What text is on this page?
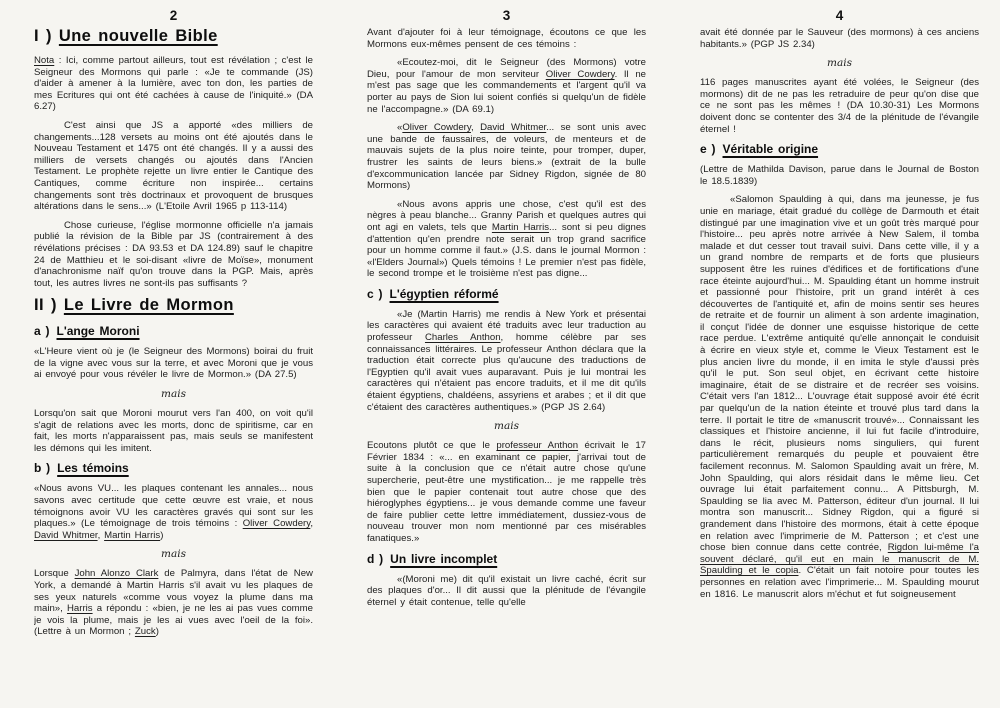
2
I ) Une nouvelle Bible

Nota : Ici, comme partout ailleurs, tout est révélation ; c'est le Seigneur des Mormons qui parle : «Je te commande (JS) d'aider à amener à la lumière, avec ton don, les parties de mes Ecritures qui ont été cachées à cause de l'iniquité.» (DA 6.27)

C'est ainsi que JS a apporté «des milliers de changements...128 versets au moins ont été ajoutés dans le Nouveau Testament et 1475 ont été changés. Il y a aussi des milliers de versets changés ou ajoutés dans l'Ancien Testament. Le prophète rejette un livre entier le Cantique des Cantiques, comme écriture non inspirée... certains changements sont très doctrinaux et provoquent de brusques altérations dans le sens...» (L'Etoile Avril 1965 p 113-114)

Chose curieuse, l'église mormonne officielle n'a jamais publié la révision de la Bible par JS (contrairement à des révélations précises : DA 93.53 et DA 124.89) sauf le chapitre 24 de Matthieu et le soi-disant «livre de Moïse», monument d'anachronisme naïf qu'on trouve dans la PGP. Mais, après tout, les autres livres ne sont-ils pas suffisants ?

II ) Le Livre de Mormon
a ) L'ange Moroni

«L'Heure vient où je (le Seigneur des Mormons) boirai du fruit de la vigne avec vous sur la terre, et avec Moroni que je vous ai envoyé pour vous révéler le livre de Mormon.» (DA 27.5)

mais

Lorsqu'on sait que Moroni mourut vers l'an 400, on voit qu'il s'agit de relations avec les morts, donc de spiritisme, car en fait, les morts n'apparaissent pas, mais seuls se manifestent les démons qui les imitent.

b ) Les témoins

«Nous avons VU... les plaques contenant les annales... nous savons avec certitude que cette œuvre est vraie, et nous témoignons avoir VU les caractères gravés qui sont sur les plaques.» (Le témoignage de trois témoins : Oliver Cowdery, David Whitmer, Martin Harris)

mais

Lorsque John Alonzo Clark de Palmyra, dans l'état de New York, a demandé à Martin Harris s'il avait vu les plaques de ses yeux naturels «comme vous voyez la plume dans ma main», Harris a répondu : «bien, je ne les ai pas vues comme je vois la plume, mais je les ai vues avec l'oeil de la foi». (Lettre à un Mormon ; Zuck)

3

Avant d'ajouter foi à leur témoignage, écoutons ce que les Mormons eux-mêmes pensent de ces témoins :

«Ecoutez-moi, dit le Seigneur (des Mormons) votre Dieu, pour l'amour de mon serviteur Oliver Cowdery. Il ne m'est pas sage que les commandements et l'argent qu'il va porter au pays de Sion lui soient confiés si quelqu'un de fidèle ne l'accompagne.» (DA 69.1)

«Oliver Cowdery, David Whitmer... se sont unis avec une bande de faussaires, de voleurs, de menteurs et de mauvais sujets de la plus noire teinte, pour tromper, duper, frustrer les saints de leurs biens.» (extrait de la bulle d'excommunication lancée par Sidney Rigdon, signée de 80 Mormons)

«Nous avons appris une chose, c'est qu'il est des nègres à peau blanche... Granny Parish et quelques autres qui ont agi en valets, tels que Martin Harris... sont si peu dignes d'attention qu'en prendre note serait un trop grand sacrifice pour un homme comme il faut.» (J.S. dans le journal Mormon : «l'Elders Journal») Quels témoins ! Le premier n'est pas fidèle, le second trompe et le troisième n'est pas digne...

c ) L'égyptien réformé

«Je (Martin Harris) me rendis à New York et présentai les caractères qui avaient été traduits avec leur traduction au professeur Charles Anthon, homme célèbre par ses connaissances littéraires. Le professeur Anthon déclara que la traduction était correcte plus qu'aucune des traductions de l'Egyptien qu'il avait vues auparavant. Puis je lui montrai les caractères qui n'étaient pas encore traduits, et il me dit qu'ils étaient égyptiens, chaldéens, assyriens et arabes ; et il dit que c'étaient des caractères authentiques.» (PGP JS 2.64)

mais

Ecoutons plutôt ce que le professeur Anthon écrivait le 17 Février 1834 : «... en examinant ce papier, j'arrivai tout de suite à la conclusion que ce n'était autre chose qu'une supercherie, peut-être une mystification... je me rappelle très bien que le papier contenait tout autre chose que des hiéroglyphes égyptiens... je vous demande comme une faveur de faire publier cette lettre immédiatement, dussiez-vous de nouveau trouver mon nom mentionné par ces misérables fanatiques.»

d ) Un livre incomplet

«(Moroni me) dit qu'il existait un livre caché, écrit sur des plaques d'or... Il dit aussi que la plénitude de l'évangile éternel y était contenue, telle qu'elle

4

avait été donnée par le Sauveur (des mormons) à ces anciens habitants.» (PGP JS 2.34)

mais

116 pages manuscrites ayant été volées, le Seigneur (des mormons) dit de ne pas les retraduire de peur qu'on dise que ce ne sont pas les mêmes ! (DA 10.30-31) Les Mormons doivent donc se contenter des 3/4 de la plénitude de l'évangile éternel !

e ) Véritable origine

(Lettre de Mathilda Davison, parue dans le Journal de Boston le 18.5.1839)

«Salomon Spaulding à qui, dans ma jeunesse, je fus unie en mariage, était gradué du collège de Darmouth et était distingué par une imagination vive et un goût très marqué pour l'histoire... peu après notre arrivée à New Salem, il tomba malade et dut cesser tout travail suivi. Dans cette ville, il y a un grand nombre de remparts et de forts que plusieurs supposent être les ruines d'édifices et de fortifications d'une race éteinte aujourd'hui... M. Spaulding étant un homme instruit et passionné pour l'histoire, prit un grand intérêt à ces découvertes de l'antiquité et, afin de moins sentir ses heures de retraite et de fournir un aliment à son ardente imagination, il conçut l'idée de donner une esquisse historique de cette race perdue. L'extrême antiquité qu'elle annonçait le conduisit à écrire en vieux style et, comme le Vieux Testament est le plus ancien livre du monde, il en imita le style d'aussi près qu'il le put. Son seul objet, en écrivant cette histoire imaginaire, était de se distraire et de recréer ses voisins. C'était vers l'an 1812... L'ouvrage était supposé avoir été écrit par quelqu'un de la nation éteinte et trouvé plus tard dans la terre. Il portait le titre de «manuscrit trouvé»... Connaissant les classiques et l'histoire ancienne, il lui fut facile d'introduire, dans le récit, plusieurs noms singuliers, qui furent particulièrement remarqués du peuple et pouvaient être facilement reconnus. M. Salomon Spaulding avait un frère, M. John Spaulding, qui alors résidait dans le même lieu. Cet ouvrage lui était parfaitement connu... A Pittsburgh, M. Spaulding se lia avec M. Patterson, éditeur d'un journal. Il lui montra son manuscrit... Sidney Rigdon, qui a figuré si grandement dans l'histoire des mormons, était à cette époque en relation avec l'imprimerie de M. Patterson ; et c'est une chose bien connue dans cette contrée, Rigdon lui-même l'a souvent déclaré, qu'il eut en main le manuscrit de M. Spaulding et le copia. C'était un fait notoire pour toutes les personnes en relation avec l'imprimerie... M. Spaulding mourut en 1816. Le manuscrit alors m'échut et fut soigneusement
